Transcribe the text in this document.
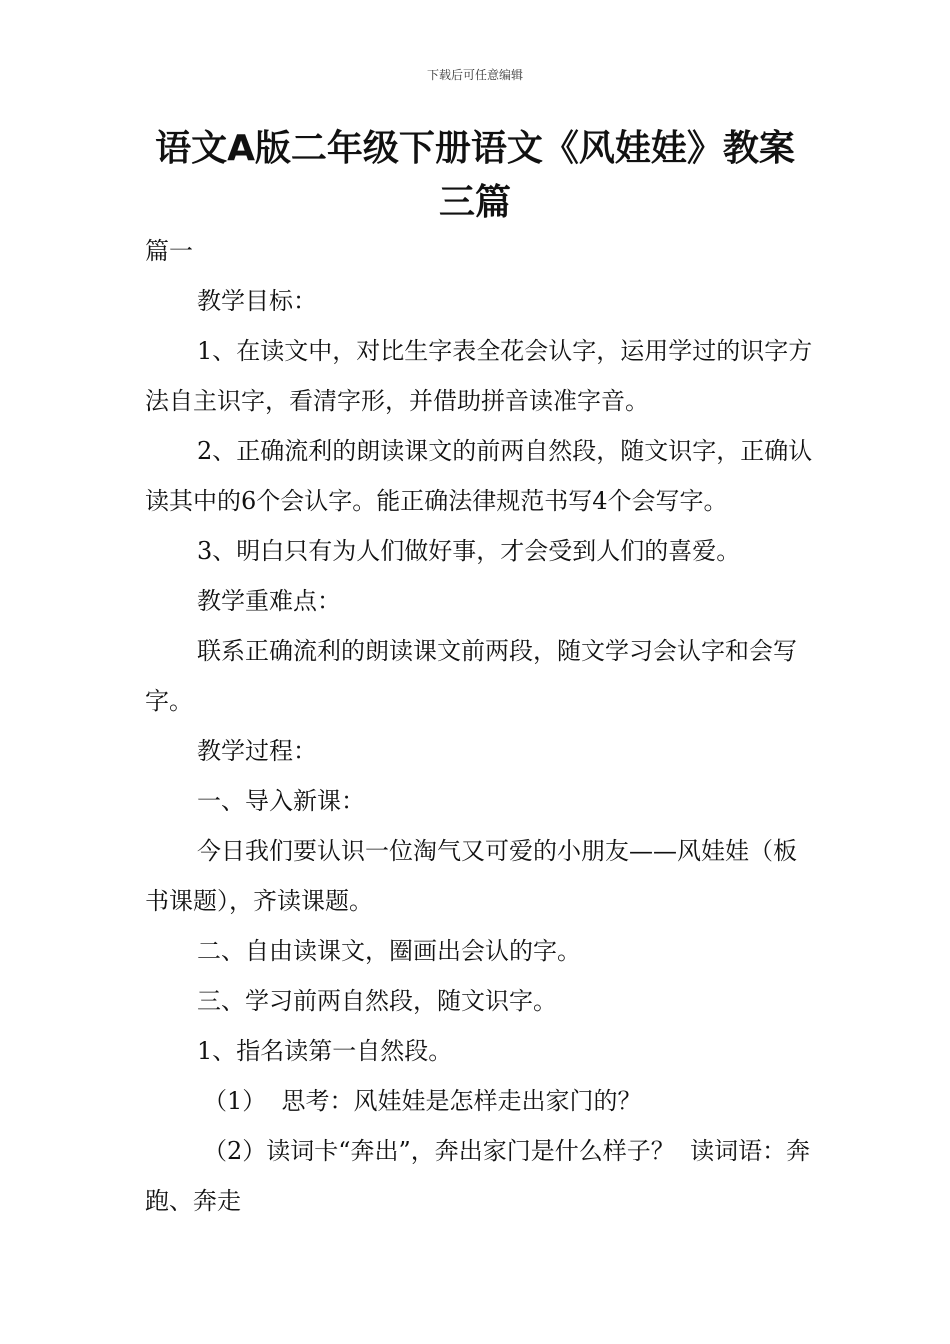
下载后可任意编辑
语文A版二年级下册语文《风娃娃》教案
三篇

篇一

教学目标：

1、在读文中，对比生字表全花会认字，运用学过的识字方法自主识字，看清字形，并借助拼音读准字音。

2、正确流利的朗读课文的前两自然段，随文识字，正确认读其中的6个会认字。能正确法律规范书写4个会写字。

3、明白只有为人们做好事，才会受到人们的喜爱。

教学重难点：

联系正确流利的朗读课文前两段，随文学习会认字和会写字。

教学过程：

一、导入新课：

今日我们要认识一位淘气又可爱的小朋友——风娃娃（板书课题），齐读课题。

二、自由读课文，圈画出会认的字。

三、学习前两自然段，随文识字。

1、指名读第一自然段。

（1）  思考：风娃娃是怎样走出家门的？

（2）读词卡“奔出”，奔出家门是什么样子？  读词语：奔跑、奔走
